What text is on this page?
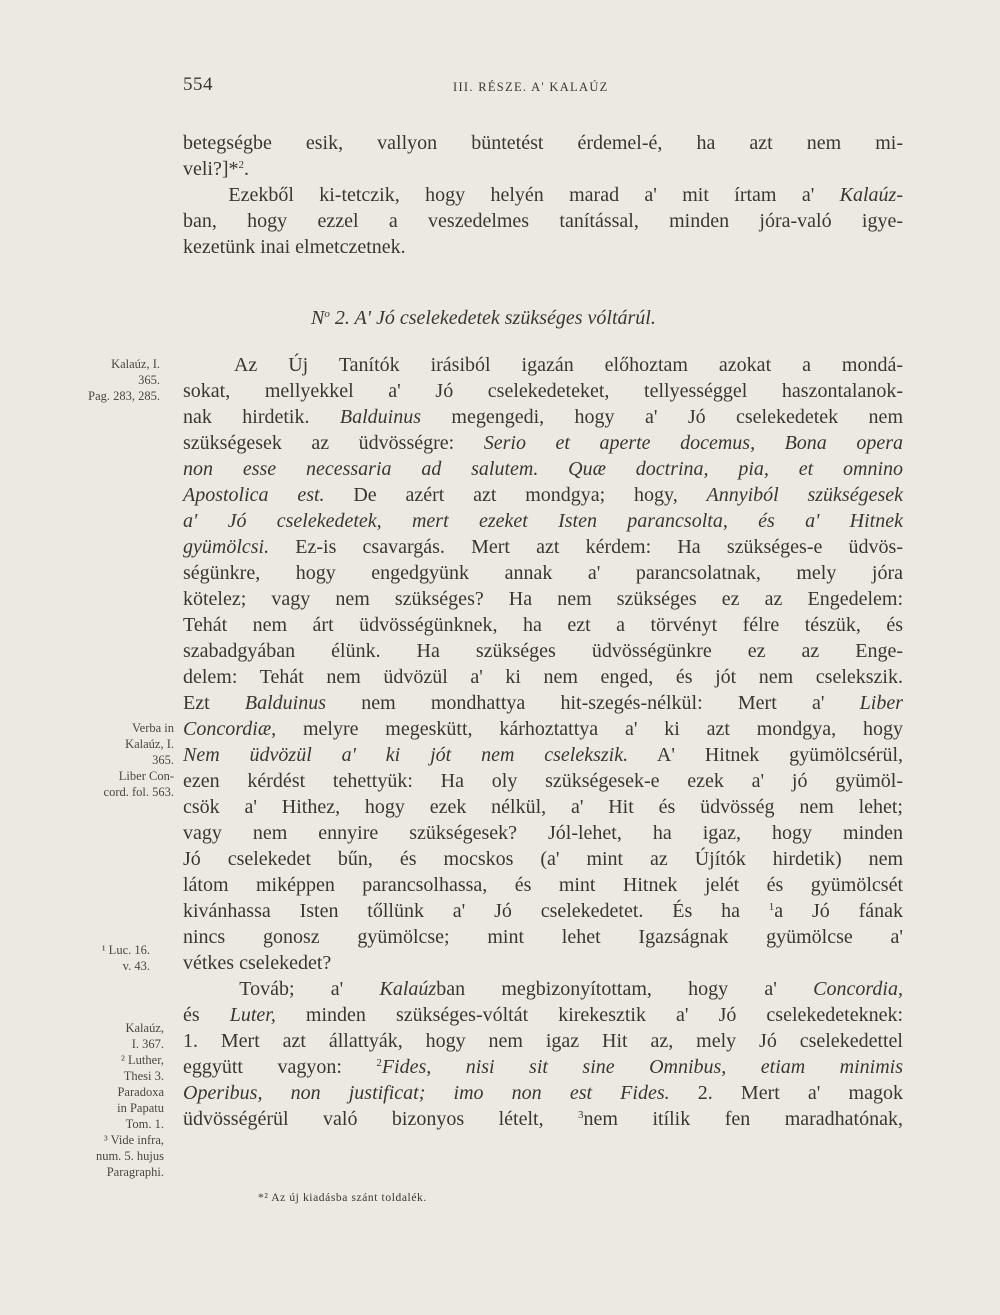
554	III. RÉSZE. A' KALAÚZ
betegségbe esik, vallyon büntetést érdemel-é, ha azt nem mi-
veli?]*$^2$.
  Ezekből ki-tetczik, hogy helyén marad a' mit írtam a' Kalaúz-
ban, hogy ezzel a veszedelmes tanítással, minden jóra-való igye-
kezetünk inai elmetczetnek.
$N^o$ 2. A' Jó cselekedetek szükséges vóltárúl.
  Az Új Tanítók irásiból igazán előhoztam azokat a mondá-
sokat, mellyekkel a' Jó cselekedeteket, tellyességgel haszontalanok-
nak hirdetik. Balduinus megengedi, hogy a' Jó cselekedetek nem
szükségesek az üdvösségre: Serio et aperte docemus, Bona opera
non esse necessaria ad salutem. Quæ doctrina, pia, et omnino
Apostolica est. De azért azt mondgya; hogy, Annyiból szükségesek
a' Jó cselekedetek, mert ezeket Isten parancsolta, és a' Hitnek
gyümölcsi. Ez-is csavargás. Mert azt kérdem: Ha szükséges-e üdvös-
ségünkre, hogy engedgyünk annak a' parancsolatnak, mely jóra
kötelez; vagy nem szükséges? Ha nem szükséges ez az Engedelem:
Tehát nem árt üdvösségünknek, ha ezt a törvényt félre tészük, és
szabadgyában élünk. Ha szükséges üdvösségünkre ez az Enge-
delem: Tehát nem üdvözül a' ki nem enged, és jót nem cselekszik.
Ezt Balduinus nem mondhattya hit-szegés-nélkül: Mert a' Liber
Concordiæ, melyre megeskütt, kárhoztattya a' ki azt mondgya, hogy
Nem üdvözül a' ki jót nem cselekszik. A' Hitnek gyümölcsérül,
ezen kérdést tehettyük: Ha oly szükségesek-e ezek a' jó gyümöl-
csök a' Hithez, hogy ezek nélkül, a' Hit és üdvösség nem lehet;
vagy nem ennyire szükségesek? Jól-lehet, ha igaz, hogy minden
Jó cselekedet bűn, és mocskos (a' mint az Újítók hirdetik) nem
látom miképpen parancsolhassa, és mint Hitnek jelét és gyümölcsét
kivánhassa Isten tőllünk a' Jó cselekedetet. És ha $^1$a Jó fának
nincs gonosz gyümölcse; mint lehet Igazságnak gyümölcse a'
vétkes cselekedet?
  Továb; a' Kalaúzban megbizonyítottam, hogy a' Concordia,
és Luter, minden szükséges-vóltát kirekesztik a' Jó cselekedeteknek:
1. Mert azt állattyák, hogy nem igaz Hit az, mely Jó cselekedettel
eggyütt vagyon: $^2$Fides, nisi sit sine Omnibus, etiam minimis
Operibus, non justificat; imo non est Fides. 2. Mert a' magok
üdvösségérül való bizonyos lételt, $^3$nem itílik fen maradhatónak,
Kalaúz, I.
365.
Pag. 283, 285.
Verba in
Kalaúz, I.
365.
Liber Con-
cord. fol. 563.
¹ Luc. 16.
v. 43.
Kalaúz,
I. 367.
² Luther,
Thesi 3.
Paradoxa
in Papatu
Tom. 1.
³ Vide infra,
num. 5. hujus
Paragraphi.
*² Az új kiadásba szánt toldalék.
